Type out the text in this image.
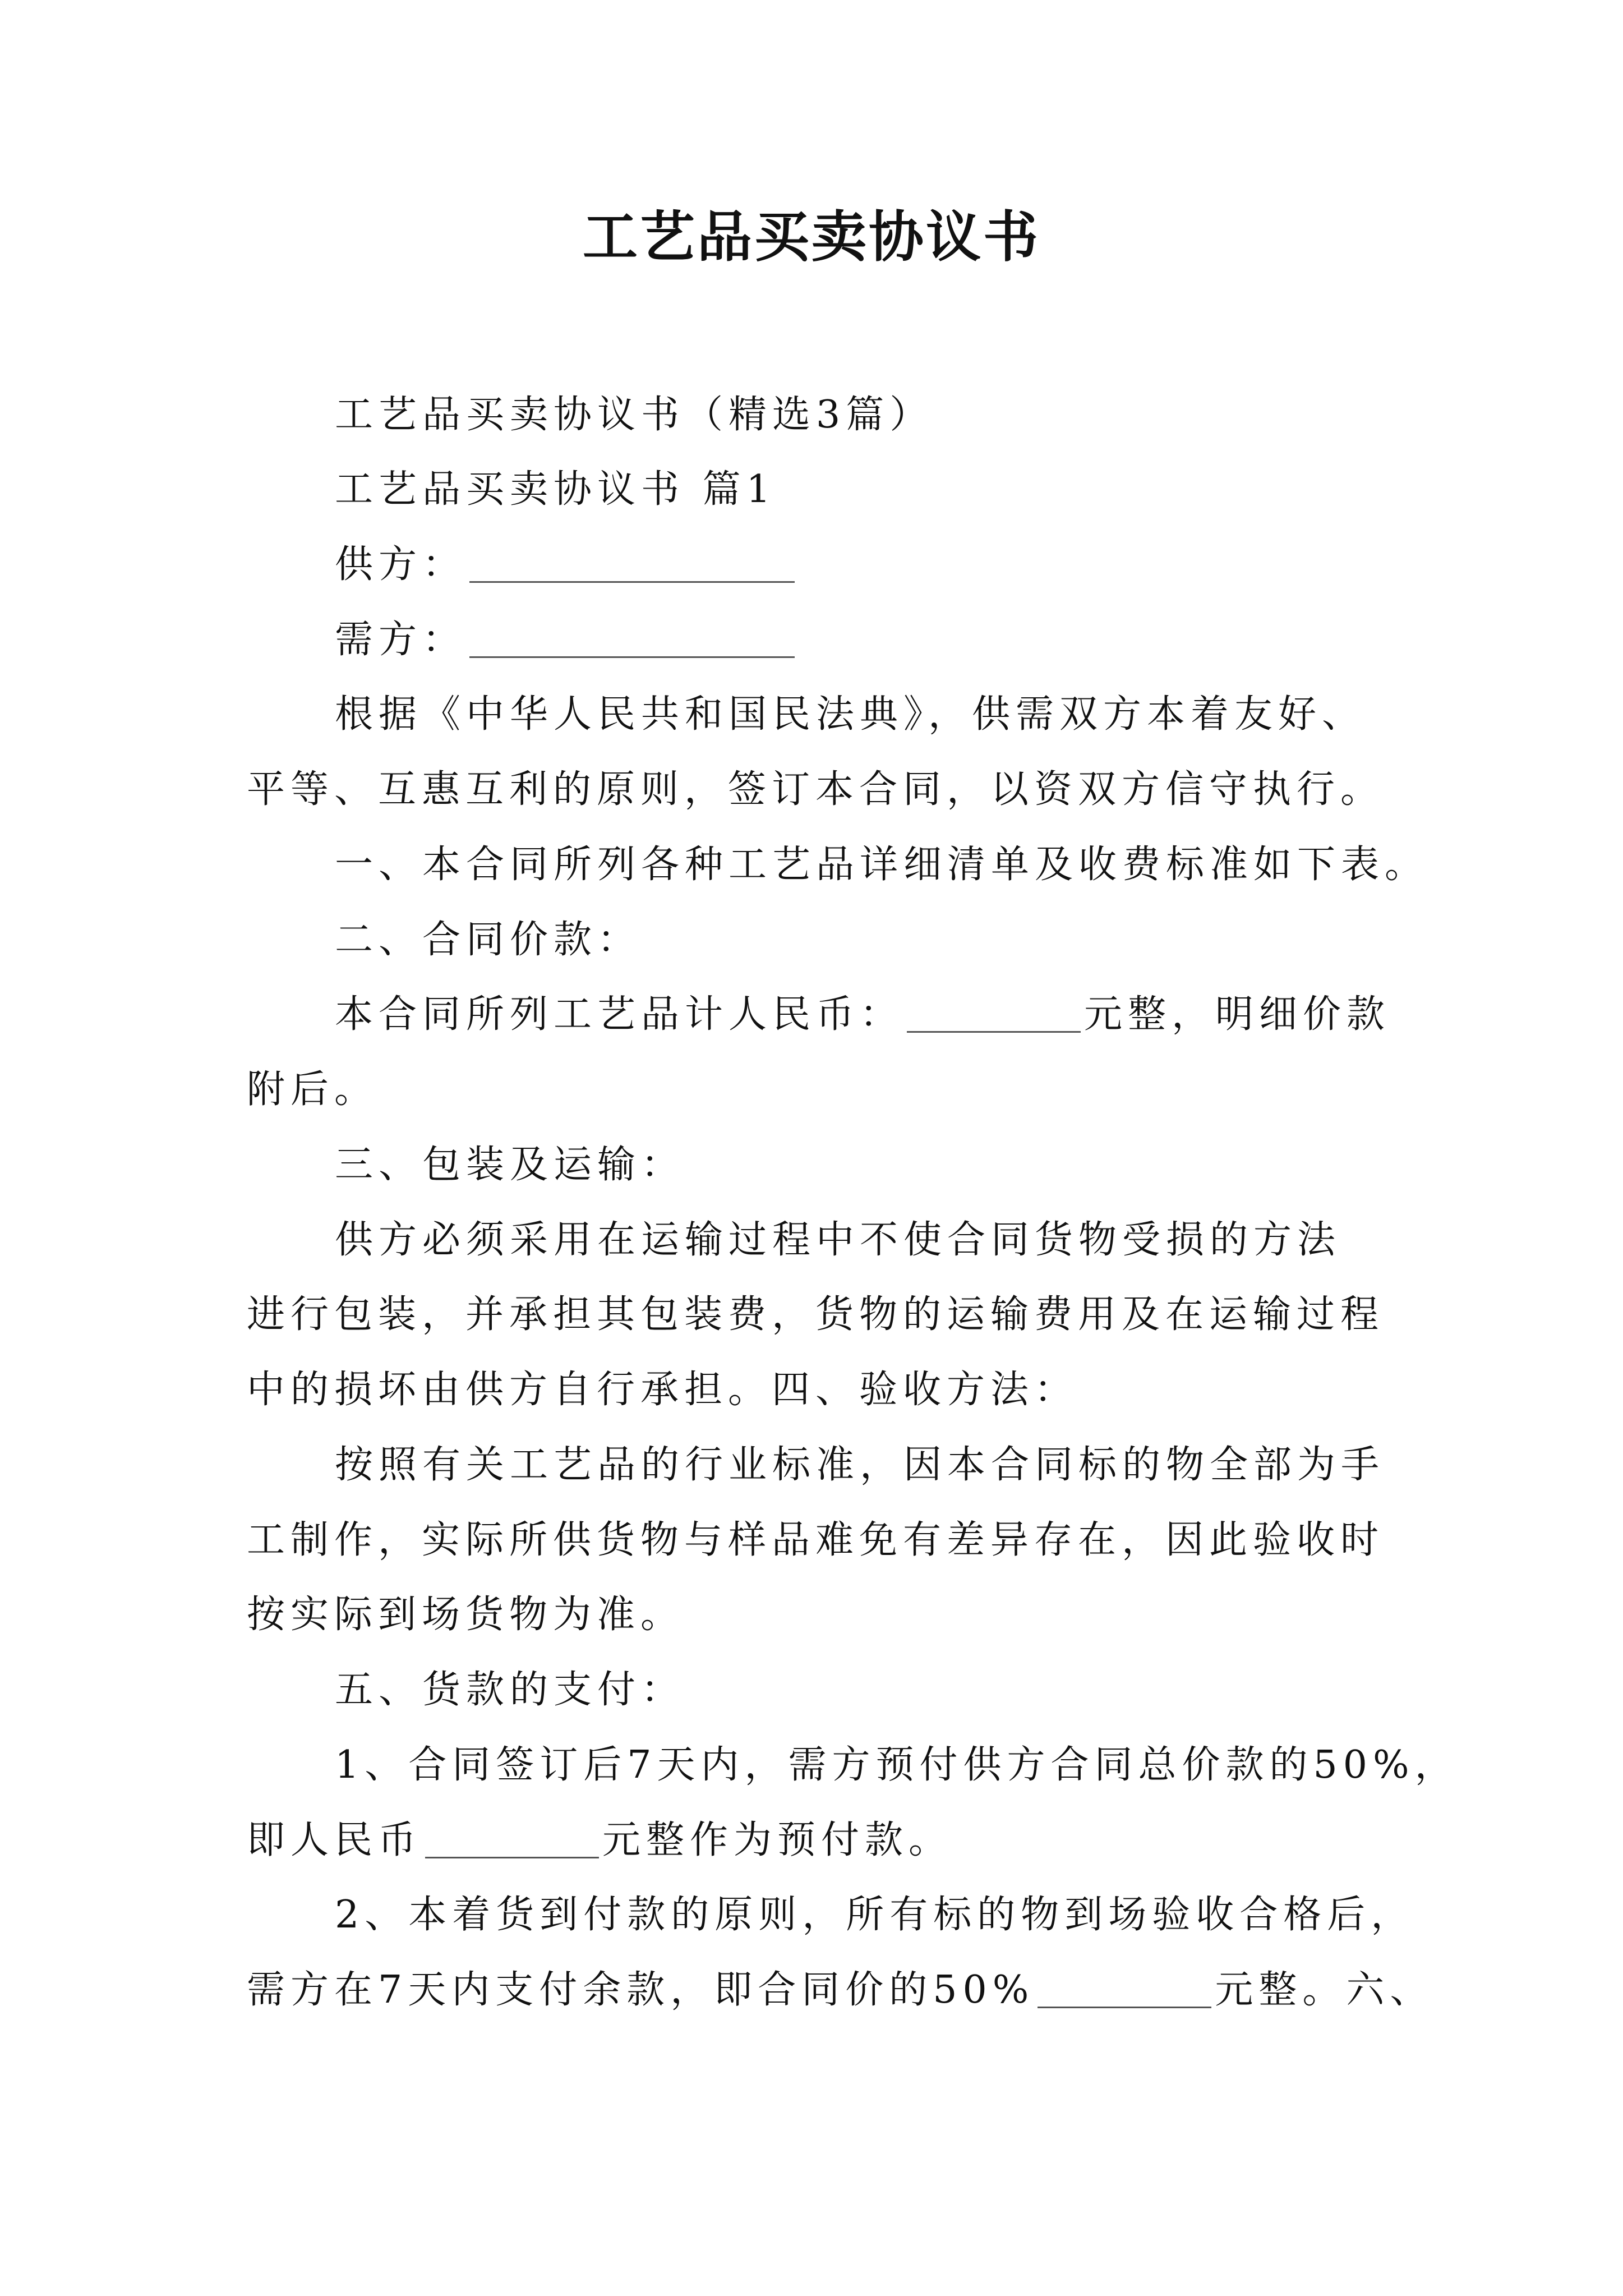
工艺品买卖协议书
工艺品买卖协议书（精选3篇）
工艺品买卖协议书 篇1
供方：
需方：
根据《中华人民共和国民法典》，供需双方本着友好、
平等、互惠互利的原则，签订本合同，以资双方信守执行。
一、本合同所列各种工艺品详细清单及收费标准如下表。
二、合同价款：
本合同所列工艺品计人民币：	元整，明细价款
附后。
三、包装及运输：
供方必须采用在运输过程中不使合同货物受损的方法
进行包装，并承担其包装费，货物的运输费用及在运输过程
中的损坏由供方自行承担。四、验收方法：
按照有关工艺品的行业标准，因本合同标的物全部为手
工制作，实际所供货物与样品难免有差异存在，因此验收时
按实际到场货物为准。
五、货款的支付：
1、合同签订后7天内，需方预付供方合同总价款的50%，
即人民币	元整作为预付款。
2、本着货到付款的原则，所有标的物到场验收合格后，
需方在7天内支付余款，即合同价的50%	元整。六、
